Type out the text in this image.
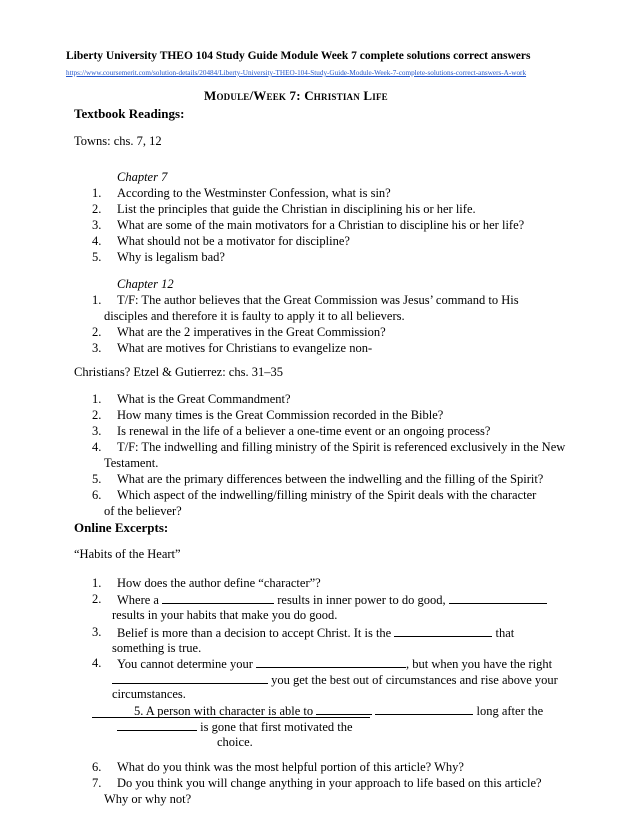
Liberty University THEO 104 Study Guide Module Week 7 complete solutions correct answers
https://www.coursemerit.com/solution-details/20484/Liberty-University-THEO-104-Study-Guide-Module-Week-7-complete-solutions-correct-answers-A-work
Module/Week 7: Christian Life
Textbook Readings:
Towns: chs. 7, 12
Chapter 7
1. According to the Westminster Confession, what is sin?
2. List the principles that guide the Christian in disciplining his or her life.
3. What are some of the main motivators for a Christian to discipline his or her life?
4. What should not be a motivator for discipline?
5. Why is legalism bad?
Chapter 12
1. T/F: The author believes that the Great Commission was Jesus’ command to His
disciples and therefore it is faulty to apply it to all believers.
2. What are the 2 imperatives in the Great Commission?
3. What are motives for Christians to evangelize non-
Christians? Etzel & Gutierrez: chs. 31–35
1. What is the Great Commandment?
2. How many times is the Great Commission recorded in the Bible?
3. Is renewal in the life of a believer a one-time event or an ongoing process?
4. T/F: The indwelling and filling ministry of the Spirit is referenced exclusively in the New
Testament.
5. What are the primary differences between the indwelling and the filling of the Spirit?
6. Which aspect of the indwelling/filling ministry of the Spirit deals with the character
of the believer?
Online Excerpts:
“Habits of the Heart”
1. How does the author define “character”?
2. Where a	results in inner power to do good,
results in your habits that make you do good.
3. Belief is more than a decision to accept Christ. It is the	that
something is true.
4. You cannot determine your	, but when you have the right
you get the best out of circumstances and rise above your
circumstances.
5. A person with character is able to	long after the
is gone that first motivated the
choice.
6. What do you think was the most helpful portion of this article? Why?
7. Do you think you will change anything in your approach to life based on this article?
Why or why not?
